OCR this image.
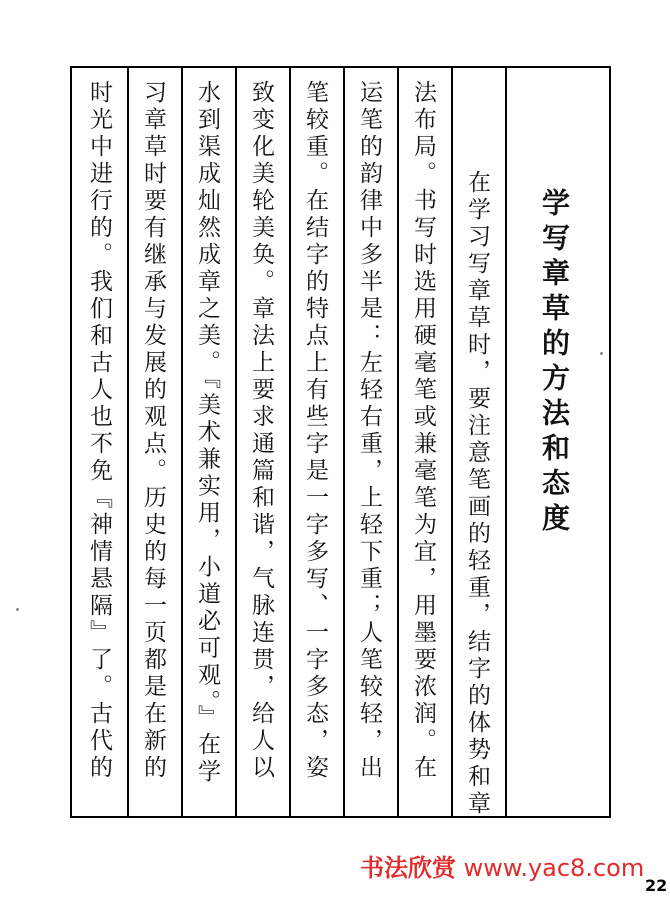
学写章草的方法和态度
在学习写章草时，要注意笔画的轻重，结字的体势和章
法布局。书写时选用硬毫笔或兼毫笔为宜，用墨要浓润。在
运笔的韵律中多半是：左轻右重，上轻下重；人笔较轻，出
笔较重。在结字的特点上有些字是一字多写、一字多态，姿
致变化美轮美奂。章法上要求通篇和谐，气脉连贯，给人以
水到渠成灿然成章之美。『美术兼实用，小道必可观。』在学
习章草时要有继承与发展的观点。历史的每一页都是在新的
时光中进行的。我们和古人也不免『神情悬隔』了。古代的
书法欣赏 www.yac8.com
22
